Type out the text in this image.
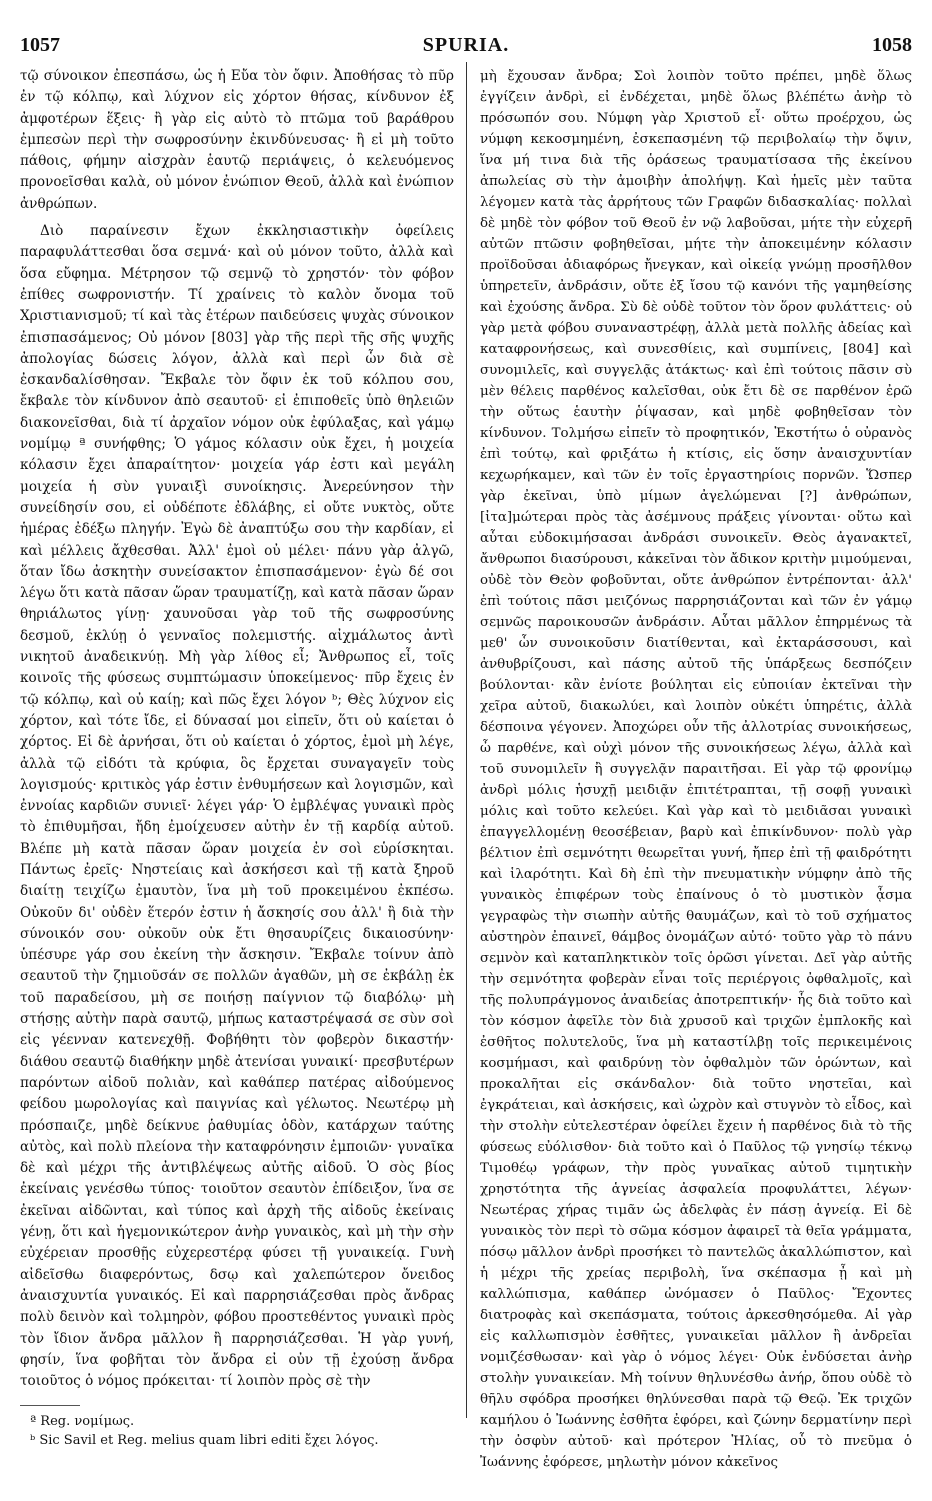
1057	SPURIA.	1058

τῷ σύνοικον ἐπεσπάσω, ὡς ἡ Εὔα τὸν ὄφιν. Ἀποθήσας τὸ πῦρ ἐν τῷ κόλπῳ, καὶ λύχνον εἰς χόρτον θήσας, κίνδυνον ἐξ ἀμφοτέρων ἕξεις· ἢ γὰρ εἰς αὐτὸ τὸ πτῶμα τοῦ βαράθρου ἐμπεσὼν περὶ τὴν σωφροσύνην ἐκινδύνευσας· ἢ εἰ μὴ τοῦτο πάθοις, φήμην αἰσχρὰν ἑαυτῷ περιάψεις, ὁ κελευόμενος προνοεῖσθαι καλὰ, οὐ μόνον ἐνώπιον Θεοῦ, ἀλλὰ καὶ ἐνώπιον ἀνθρώπων.

Διὸ παραίνεσιν ἔχων ἐκκλησιαστικὴν ὀφείλεις παραφυλάττεσθαι ὅσα σεμνά· καὶ οὐ μόνον τοῦτο, ἀλλὰ καὶ ὅσα εὔφημα. Μέτρησον τῷ σεμνῷ τὸ χρηστόν· τὸν φόβον ἐπίθες σωφρονιστήν. Τί χραίνεις τὸ καλὸν ὄνομα τοῦ Χριστιανισμοῦ; τί καὶ τὰς ἑτέρων παιδεύσεις ψυχὰς σύνοικον ἐπισπασάμενος; Οὐ μόνον [803] γὰρ τῆς περὶ τῆς σῆς ψυχῆς ἀπολογίας δώσεις λόγον, ἀλλὰ καὶ περὶ ὧν διὰ σὲ ἐσκανδαλίσθησαν. Ἔκβαλε τὸν ὄφιν ἐκ τοῦ κόλπου σου, ἔκβαλε τὸν κίνδυνον ἀπὸ σεαυτοῦ· εἰ ἐπιποθεῖς ὑπὸ θηλειῶν διακονεῖσθαι, διὰ τί ἀρχαῖον νόμον οὐκ ἐφύλαξας, καὶ γάμῳ νομίμῳ ª συνήφθης; Ὁ γάμος κόλασιν οὐκ ἔχει, ἡ μοιχεία κόλασιν ἔχει ἀπαραίτητον· μοιχεία γάρ ἐστι καὶ μεγάλη μοιχεία ἡ σὺν γυναιξὶ συνοίκησις. Ἀνερεύνησον τὴν συνείδησίν σου, εἰ οὐδέποτε ἐδλάβης, εἰ οὔτε νυκτὸς, οὔτε ἡμέρας ἐδέξω πληγήν. Ἐγὼ δὲ ἀναπτύξω σου τὴν καρδίαν, εἰ καὶ μέλλεις ἄχθεσθαι. Ἀλλ' ἐμοὶ οὐ μέλει· πάνυ γὰρ ἀλγῶ, ὅταν ἴδω ἀσκητὴν συνείσακτον ἐπισπασάμενον· ἐγὼ δέ σοι λέγω ὅτι κατὰ πᾶσαν ὥραν τραυματίζῃ, καὶ κατὰ πᾶσαν ὥραν θηριάλωτος γίνῃ· χαυνοῦσαι γὰρ τοῦ τῆς σωφροσύνης δεσμοῦ, ἐκλύῃ ὁ γενναῖος πολεμιστής. αἰχμάλωτος ἀντὶ νικητοῦ ἀναδεικνύῃ. Μὴ γὰρ λίθος εἶ; Ἄνθρωπος εἶ, τοῖς κοινοῖς τῆς φύσεως συμπτώμασιν ὑποκείμενος· πῦρ ἔχεις ἐν τῷ κόλπῳ, καὶ οὐ καίῃ; καὶ πῶς ἔχει λόγον ᵇ; Θὲς λύχνον εἰς χόρτον, καὶ τότε ἴδε, εἰ δύνασαί μοι εἰπεῖν, ὅτι οὐ καίεται ὁ χόρτος. Εἰ δὲ ἀρνήσαι, ὅτι οὐ καίεται ὁ χόρτος, ἐμοὶ μὴ λέγε, ἀλλὰ τῷ εἰδότι τὰ κρύφια, ὃς ἔρχεται συναγαγεῖν τοὺς λογισμούς· κριτικὸς γάρ ἐστιν ἐνθυμήσεων καὶ λογισμῶν, καὶ ἐννοίας καρδιῶν συνιεῖ· λέγει γάρ· Ὁ ἐμβλέψας γυναικὶ πρὸς τὸ ἐπιθυμῆσαι, ἤδη ἐμοίχευσεν αὐτὴν ἐν τῇ καρδίᾳ αὐτοῦ. Βλέπε μὴ κατὰ πᾶσαν ὥραν μοιχεία ἐν σοὶ εὑρίσκηται. Πάντως ἐρεῖς· Νηστείαις καὶ ἀσκήσεσι καὶ τῇ κατὰ ξηροῦ διαίτῃ τειχίζω ἐμαυτὸν, ἵνα μὴ τοῦ προκειμένου ἐκπέσω. Οὐκοῦν δι' οὐδὲν ἕτερόν ἐστιν ἡ ἄσκησίς σου ἀλλ' ἢ διὰ τὴν σύνοικόν σου· οὐκοῦν οὐκ ἔτι θησαυρίζεις δικαιοσύνην· ὑπέσυρε γάρ σου ἐκείνη τὴν ἄσκησιν. Ἔκβαλε τοίνυν ἀπὸ σεαυτοῦ τὴν ζημιοῦσάν σε πολλῶν ἀγαθῶν, μὴ σε ἐκβάλῃ ἐκ τοῦ παραδείσου, μὴ σε ποιήσῃ παίγνιον τῷ διαβόλῳ· μὴ στήσῃς αὐτὴν παρὰ σαυτῷ, μήπως καταστρέψασά σε σὺν σοὶ εἰς γέενναν κατενεχθῇ. Φοβήθητι τὸν φοβερὸν δικαστήν· διάθου σεαυτῷ διαθήκην μηδὲ ἀτενίσαι γυναικί· πρεσβυτέρων παρόντων αἰδοῦ πολιὰν, καὶ καθάπερ πατέρας αἰδούμενος φείδου μωρολογίας καὶ παιγνίας καὶ γέλωτος. Νεωτέρῳ μὴ πρόσπαιζε, μηδὲ δείκνυε ῥαθυμίας ὁδὸν, κατάρχων ταύτης αὐτὸς, καὶ πολὺ πλείονα τὴν καταφρόνησιν ἐμποιῶν· γυναῖκα δὲ καὶ μέχρι τῆς ἀντιβλέψεως αὐτῆς αἰδοῦ. Ὁ σὸς βίος ἐκείναις γενέσθω τύπος· τοιοῦτον σεαυτὸν ἐπίδειξον, ἵνα σε ἐκεῖναι αἰδῶνται, καὶ τύπος καὶ ἀρχὴ τῆς αἰδοῦς ἐκείναις γένῃ, ὅτι καὶ ἡγεμονικώτερον ἀνὴρ γυναικὸς, καὶ μὴ τὴν σὴν εὐχέρειαν προσθῇς εὐχερεστέρᾳ φύσει τῇ γυναικείᾳ. Γυνὴ αἰδεῖσθω διαφερόντως, δσῳ καὶ χαλεπώτερον ὄνειδος ἀναισχυντία γυναικός. Εἰ καὶ παρρησιάζεσθαι πρὸς ἄνδρας πολὺ δεινὸν καὶ τολμηρὸν, φόβου προστεθέντος γυναικὶ πρὸς τὸν ἴδιον ἄνδρα μᾶλλον ἢ παρρησιάζεσθαι. Ἡ γὰρ γυνή, φησίν, ἵνα φοβῆται τὸν ἄνδρα εἰ οὐν τῇ ἐχούσῃ ἄνδρα τοιοῦτος ὁ νόμος πρόκειται· τί λοιπὸν πρὸς σὲ τὴν

μὴ ἔχουσαν ἄνδρα; Σοὶ λοιπὸν τοῦτο πρέπει, μηδὲ ὅλως ἐγγίζειν ἀνδρὶ, εἰ ἐνδέχεται, μηδὲ ὅλως βλέπέτω ἀνὴρ τὸ πρόσωπόν σου. Νύμφη γὰρ Χριστοῦ εἶ· οὕτω προέρχου, ὡς νύμφη κεκοσμημένη, ἐσκεπασμένη τῷ περιβολαίῳ τὴν ὄψιν, ἵνα μή τινα διὰ τῆς ὁράσεως τραυματίσασα τῆς ἐκείνου ἀπωλείας σὺ τὴν ἀμοιβὴν ἀπολήψῃ. Καὶ ἡμεῖς μὲν ταῦτα λέγομεν κατὰ τὰς ἀρρήτους τῶν Γραφῶν διδασκαλίας· πολλαὶ δὲ μηδὲ τὸν φόβον τοῦ Θεοῦ ἐν νῷ λαβοῦσαι, μήτε τὴν εὐχερῆ αὐτῶν πτῶσιν φοβηθεῖσαι, μήτε τὴν ἀποκειμένην κόλασιν προϊδοῦσαι ἀδιαφόρως ἤνεγκαν, καὶ οἰκείᾳ γνώμῃ προσῆλθον ὑπηρετεῖν, ἀνδράσιν, οὔτε ἐξ ἴσου τῷ κανόνι τῆς γαμηθείσης καὶ ἐχούσης ἄνδρα. Σὺ δὲ οὐδὲ τοῦτον τὸν ὅρον φυλάττεις· οὐ γὰρ μετὰ φόβου συναναστρέφῃ, ἀλλὰ μετὰ πολλῆς ἀδείας καὶ καταφρονήσεως, καὶ συνεσθίεις, καὶ συμπίνεις, [804] καὶ συνομιλεῖς, καὶ συγγελᾷς ἀτάκτως· καὶ ἐπὶ τούτοις πᾶσιν σὺ μὲν θέλεις παρθένος καλεῖσθαι, οὐκ ἔτι δὲ σε παρθένον ἐρῶ τὴν οὕτως ἑαυτὴν ῥίψασαν, καὶ μηδὲ φοβηθεῖσαν τὸν κίνδυνον. Τολμήσω εἰπεῖν τὸ προφητικόν, Ἐκστήτω ὁ οὐρανὸς ἐπὶ τούτῳ, καὶ φριξάτω ἡ κτίσις, εἰς ὅσην ἀναισχυντίαν κεχωρήκαμεν, καὶ τῶν ἐν τοῖς ἐργαστηρίοις πορνῶν. Ὥσπερ γὰρ ἐκεῖναι, ὑπὸ μίμων ἀγελώμεναι [?] ἀνθρώπων, [ἰτα]μώτεραι πρὸς τὰς ἀσέμνους πράξεις γίνονται· οὕτω καὶ αὗται εὐδοκιμήσασαι ἀνδράσι συνοικεῖν. Θεὸς ἀγανακτεῖ, ἄνθρωποι διασύρουσι, κἀκεῖναι τὸν ἄδικον κριτὴν μιμούμεναι, οὐδὲ τὸν Θεὸν φοβοῦνται, οὔτε ἀνθρώπον ἐντρέπονται· ἀλλ' ἐπὶ τούτοις πᾶσι μειζόνως παρρησιάζονται καὶ τῶν ἐν γάμῳ σεμνῶς παροικουσῶν ἀνδράσιν. Αὗται μᾶλλον ἐπηρμένως τὰ μεθ' ὧν συνοικοῦσιν διατίθενται, καὶ ἐκταράσσουσι, καὶ ἀνθυβρίζουσι, καὶ πάσης αὐτοῦ τῆς ὑπάρξεως δεσπόζειν βούλονται· κἂν ἐνίοτε βούληται εἰς εὐποιίαν ἐκτεῖναι τὴν χεῖρα αὐτοῦ, διακωλύει, καὶ λοιπὸν οὐκέτι ὑπηρέτις, ἀλλὰ δέσποινα γέγονεν. Ἀποχώρει οὖν τῆς ἀλλοτρίας συνοικήσεως, ὦ παρθένε, καὶ οὐχὶ μόνον τῆς συνοικήσεως λέγω, ἀλλὰ καὶ τοῦ συνομιλεῖν ἢ συγγελᾷν παραιτῆσαι. Εἰ γὰρ τῷ φρονίμῳ ἀνδρὶ μόλις ἡσυχῇ μειδιᾷν ἐπιτέτραπται, τῇ σοφῇ γυναικὶ μόλις καὶ τοῦτο κελεύει. Καὶ γὰρ καὶ τὸ μειδιᾶσαι γυναικὶ ἐπαγγελλομένῃ θεοσέβειαν, βαρὺ καὶ ἐπικίνδυνον· πολὺ γὰρ βέλτιον ἐπὶ σεμνότητι θεωρεῖται γυνή, ἤπερ ἐπὶ τῇ φαιδρότητι καὶ ἱλαρότητι. Καὶ δὴ ἐπὶ τὴν πνευματικὴν νύμφην ἀπὸ τῆς γυναικὸς ἐπιφέρων τοὺς ἐπαίνους ὁ τὸ μυστικὸν ᾆσμα γεγραφὼς τὴν σιωπὴν αὐτῆς θαυμάζων, καὶ τὸ τοῦ σχήματος αὐστηρὸν ἐπαινεῖ, θάμβος ὀνομάζων αὐτό· τοῦτο γὰρ τὸ πάνυ σεμνὸν καὶ καταπληκτικὸν τοῖς ὁρῶσι γίνεται. Δεῖ γὰρ αὐτῆς τὴν σεμνότητα φοβερὰν εἶναι τοῖς περιέργοις ὀφθαλμοῖς, καὶ τῆς πολυπράγμονος ἀναιδείας ἀποτρεπτικήν· ἧς διὰ τοῦτο καὶ τὸν κόσμον ἀφεῖλε τὸν διὰ χρυσοῦ καὶ τριχῶν ἐμπλοκῆς καὶ ἐσθῆτος πολυτελοῦς, ἵνα μὴ καταστίλβῃ τοῖς περικειμένοις κοσμήμασι, καὶ φαιδρύνῃ τὸν ὀφθαλμὸν τῶν ὁρώντων, καὶ προκαλῆται εἰς σκάνδαλον· διὰ τοῦτο νηστεῖαι, καὶ ἐγκράτειαι, καὶ ἀσκήσεις, καὶ ὠχρὸν καὶ στυγνὸν τὸ εἶδος, καὶ τὴν στολὴν εὐτελεστέραν ὀφείλει ἔχειν ἡ παρθένος διὰ τὸ τῆς φύσεως εὐόλισθον· διὰ τοῦτο καὶ ὁ Παῦλος τῷ γνησίῳ τέκνῳ Τιμοθέῳ γράφων, τὴν πρὸς γυναῖκας αὐτοῦ τιμητικὴν χρηστότητα τῆς ἁγνείας ἀσφαλεία προφυλάττει, λέγων· Νεωτέρας χήρας τιμᾶν ὡς ἀδελφὰς ἐν πάσῃ ἁγνείᾳ. Εἰ δὲ γυναικὸς τὸν περὶ τὸ σῶμα κόσμον ἀφαιρεῖ τὰ θεῖα γράμματα, πόσῳ μᾶλλον ἀνδρὶ προσήκει τὸ παντελῶς ἀκαλλώπιστον, καὶ ἡ μέχρι τῆς χρείας περιβολὴ, ἵνα σκέπασμα ᾖ καὶ μὴ καλλώπισμα, καθάπερ ὠνόμασεν ὁ Παῦλος· Ἔχοντες διατροφὰς καὶ σκεπάσματα, τούτοις ἀρκεσθησόμεθα. Αἱ γὰρ εἰς καλλωπισμὸν ἐσθῆτες, γυναικεῖαι μᾶλλον ἢ ἀνδρεῖαι νομιζέσθωσαν· καὶ γὰρ ὁ νόμος λέγει· Οὐκ ἐνδύσεται ἀνὴρ στολὴν γυναικείαν. Μὴ τοίνυν θηλυνέσθω ἀνήρ, ὅπου οὐδὲ τὸ θῆλυ σφόδρα προσήκει θηλύνεσθαι παρὰ τῷ Θεῷ. Ἐκ τριχῶν καμήλου ὁ Ἰωάννης ἐσθῆτα ἐφόρει, καὶ ζώνην δερματίνην περὶ τὴν ὀσφὺν αὐτοῦ· καὶ πρότερον Ἠλίας, οὗ τὸ πνεῦμα ὁ Ἰωάννης ἐφόρεσε, μηλωτὴν μόνον κἀκεῖνος

ª Reg. νομίμως.

ᵇ Sic Savil et Reg. melius quam libri editi ἔχει λόγος.
